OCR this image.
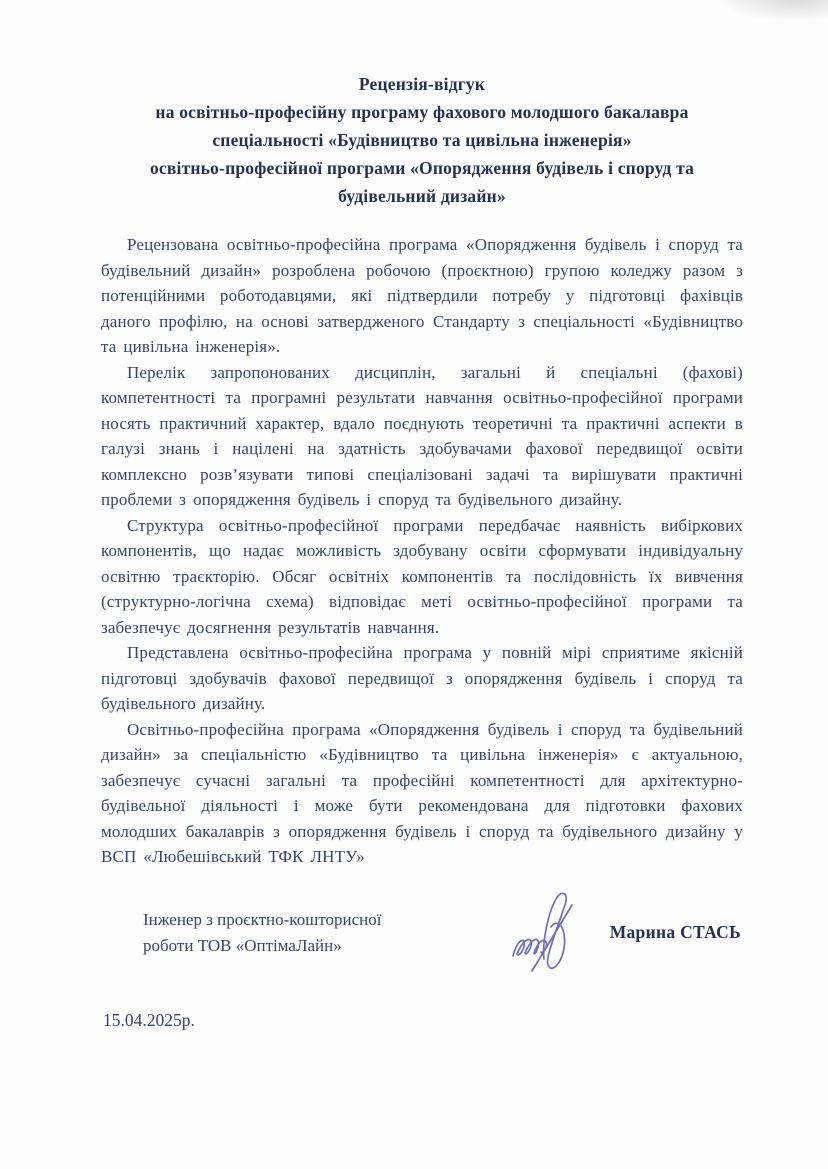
Рецензія-відгук
на освітньо-професійну програму фахового молодшого бакалавра
спеціальності «Будівництво та цивільна інженерія»
освітньо-професійної програми «Опорядження будівель і споруд та
будівельний дизайн»

Рецензована освітньо-професійна програма «Опорядження будівель і споруд та будівельний дизайн» розроблена робочою (проєктною) групою коледжу разом з потенційними роботодавцями, які підтвердили потребу у підготовці фахівців даного профілю, на основі затвердженого Стандарту з спеціальності «Будівництво та цивільна інженерія».

Перелік запропонованих дисциплін, загальні й спеціальні (фахові) компетентності та програмні результати навчання освітньо-професійної програми носять практичний характер, вдало поєднують теоретичні та практичні аспекти в галузі знань і націлені на здатність здобувачами фахової передвищої освіти комплексно розв’язувати типові спеціалізовані задачі та вирішувати практичні проблеми з опорядження будівель і споруд та будівельного дизайну.

Структура освітньо-професійної програми передбачає наявність вибіркових компонентів, що надає можливість здобувану освіти сформувати індивідуальну освітню траєкторію. Обсяг освітніх компонентів та послідовність їх вивчення (структурно-логічна схема) відповідає меті освітньо-професійної програми та забезпечує досягнення результатів навчання.

Представлена освітньо-професійна програма у повній мірі сприятиме якісній підготовці здобувачів фахової передвищої з опорядження будівель і споруд та будівельного дизайну.

Освітньо-професійна програма «Опорядження будівель і споруд та будівельний дизайн» за спеціальністю «Будівництво та цивільна інженерія» є актуальною, забезпечує сучасні загальні та професійні компетентності для архітектурно-будівельної діяльності і може бути рекомендована для підготовки фахових молодших бакалаврів з опорядження будівель і споруд та будівельного дизайну у ВСП «Любешівський ТФК ЛНТУ»

Інженер з проєктно-кошторисної
роботи ТОВ «ОптімаЛайн»
Марина СТАСЬ
15.04.2025р.
